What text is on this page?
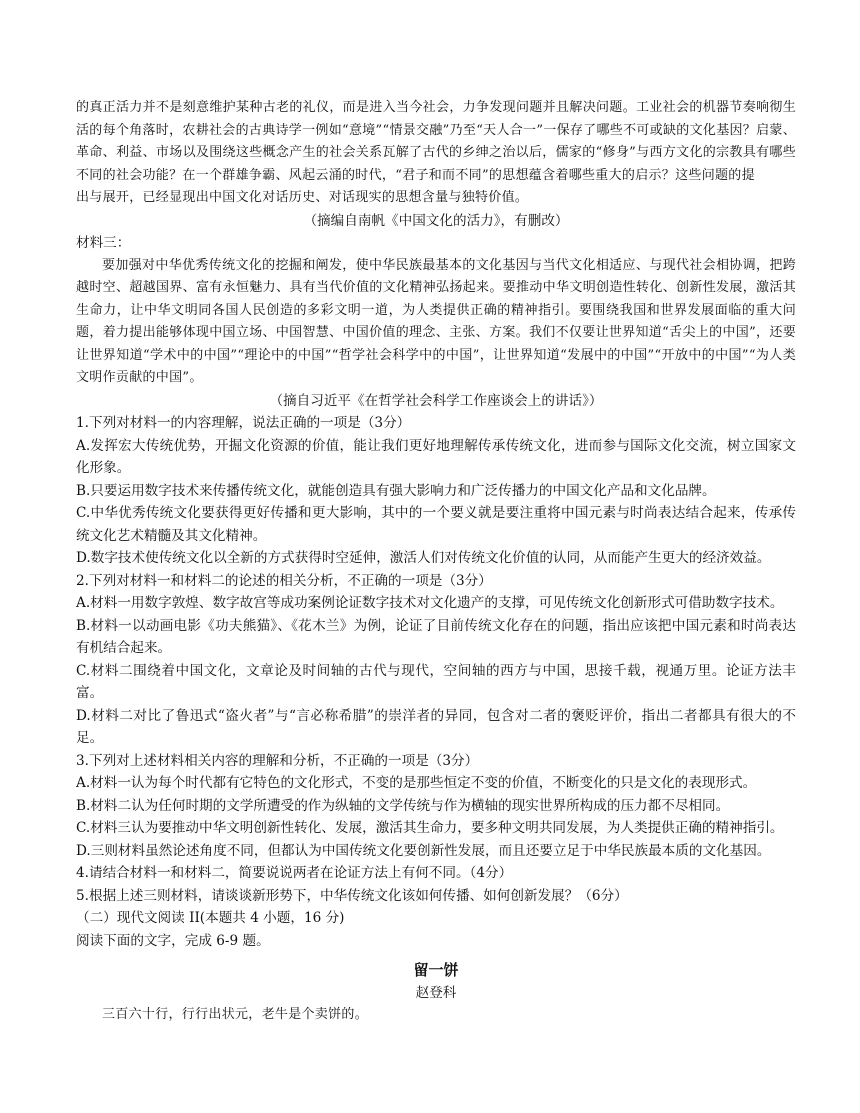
的真正活力并不是刻意维护某种古老的礼仪，而是进入当今社会，力争发现问题并且解决问题。工业社会的机器节奏响彻生活的每个角落时，农耕社会的古典诗学一例如“意境”“情景交融”乃至“天人合一”一保存了哪些不可或缺的文化基因？启蒙、革命、利益、市场以及围绕这些概念产生的社会关系瓦解了古代的乡绅之治以后，儒家的“修身”与西方文化的宗教具有哪些不同的社会功能？在一个群雄争霸、风起云涌的时代，“君子和而不同”的思想蕴含着哪些重大的启示？这些问题的提

出与展开，已经显现出中国文化对话历史、对话现实的思想含量与独特价值。

（摘编自南帆《中国文化的活力》，有删改）

材料三：

要加强对中华优秀传统文化的挖掘和阐发，使中华民族最基本的文化基因与当代文化相适应、与现代社会相协调，把跨越时空、超越国界、富有永恒魅力、具有当代价值的文化精神弘扬起来。要推动中华文明创造性转化、创新性发展，激活其生命力，让中华文明同各国人民创造的多彩文明一道，为人类提供正确的精神指引。要围绕我国和世界发展面临的重大问题，着力提出能够体现中国立场、中国智慧、中国价值的理念、主张、方案。我们不仅要让世界知道“舌尖上的中国”，还要让世界知道“学术中的中国”“理论中的中国”“哲学社会科学中的中国”，让世界知道“发展中的中国”“开放中的中国”“为人类文明作贡献的中国”。

（摘自习近平《在哲学社会科学工作座谈会上的讲话》）

1.下列对材料一的内容理解，说法正确的一项是（3分）

A.发挥宏大传统优势，开掘文化资源的价值，能让我们更好地理解传承传统文化，进而参与国际文化交流，树立国家文化形象。

B.只要运用数字技术来传播传统文化，就能创造具有强大影响力和广泛传播力的中国文化产品和文化品牌。

C.中华优秀传统文化要获得更好传播和更大影响，其中的一个要义就是要注重将中国元素与时尚表达结合起来，传承传统文化艺术精髓及其文化精神。

D.数字技术使传统文化以全新的方式获得时空延伸，激活人们对传统文化价值的认同，从而能产生更大的经济效益。

2.下列对材料一和材料二的论述的相关分析，不正确的一项是（3分）

A.材料一用数字敦煌、数字故宫等成功案例论证数字技术对文化遗产的支撑，可见传统文化创新形式可借助数字技术。

B.材料一以动画电影《功夫熊猫》、《花木兰》为例，论证了目前传统文化存在的问题，指出应该把中国元素和时尚表达有机结合起来。

C.材料二围绕着中国文化，文章论及时间轴的古代与现代，空间轴的西方与中国，思接千载，视通万里。论证方法丰富。

D.材料二对比了鲁迅式“盗火者”与“言必称希腊”的崇洋者的异同，包含对二者的褒贬评价，指出二者都具有很大的不足。

3.下列对上述材料相关内容的理解和分析，不正确的一项是（3分）

A.材料一认为每个时代都有它特色的文化形式，不变的是那些恒定不变的价值，不断变化的只是文化的表现形式。

B.材料二认为任何时期的文学所遭受的作为纵轴的文学传统与作为横轴的现实世界所构成的压力都不尽相同。

C.材料三认为要推动中华文明创新性转化、发展，激活其生命力，要多种文明共同发展，为人类提供正确的精神指引。

D.三则材料虽然论述角度不同，但都认为中国传统文化要创新性发展，而且还要立足于中华民族最本质的文化基因。

4.请结合材料一和材料二，简要说说两者在论证方法上有何不同。（4分）

5.根据上述三则材料，请谈谈新形势下，中华传统文化该如何传播、如何创新发展？（6分）

（二）现代文阅读 II(本题共 4 小题，16 分)

阅读下面的文字，完成 6-9 题。

留一饼

赵登科

三百六十行，行行出状元，老牛是个卖饼的。
